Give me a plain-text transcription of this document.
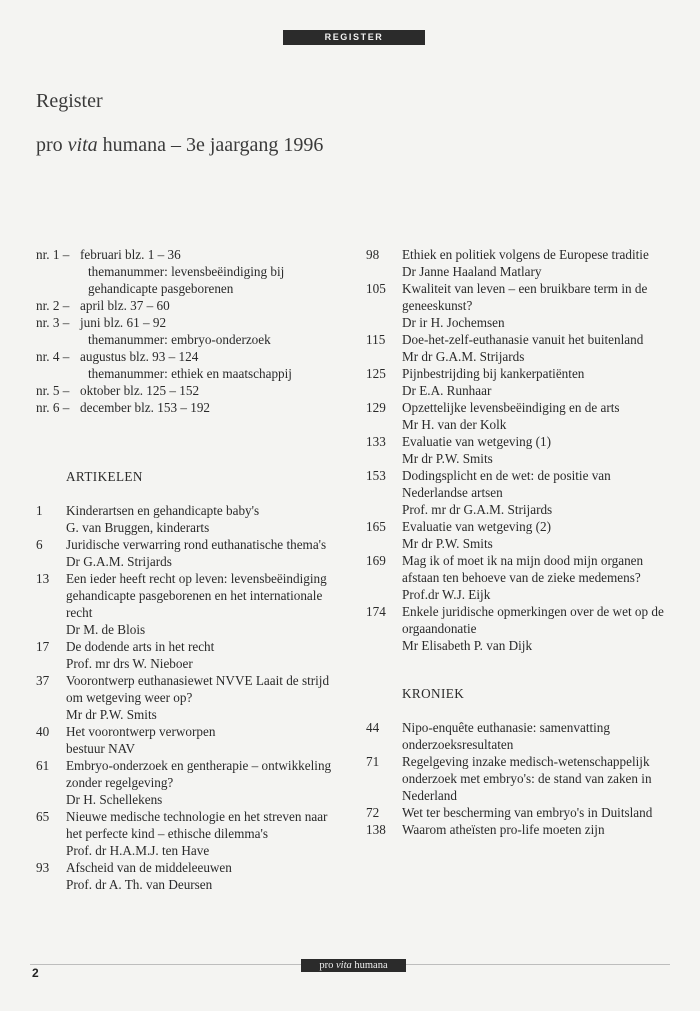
REGISTER
Register
pro vita humana – 3e jaargang 1996
nr. 1 – februari blz. 1 – 36
themanummer: levensbeëindiging bij gehandicapte pasgeborenen
nr. 2 – april blz. 37 – 60
nr. 3 – juni blz. 61 – 92
themanummer: embryo-onderzoek
nr. 4 – augustus blz. 93 – 124
themanummer: ethiek en maatschappij
nr. 5 – oktober blz. 125 – 152
nr. 6 – december blz. 153 – 192
ARTIKELEN
1	Kinderartsen en gehandicapte baby's
G. van Bruggen, kinderarts
6	Juridische verwarring rond euthanatische thema's
Dr G.A.M. Strijards
13	Een ieder heeft recht op leven: levensbeëindiging gehandicapte pasgeborenen en het internationale recht
Dr M. de Blois
17	De dodende arts in het recht
Prof. mr drs W. Nieboer
37	Voorontwerp euthanasiewet NVVE Laait de strijd om wetgeving weer op?
Mr dr P.W. Smits
40	Het voorontwerp verworpen
bestuur NAV
61	Embryo-onderzoek en gentherapie – ontwikkeling zonder regelgeving?
Dr H. Schellekens
65	Nieuwe medische technologie en het streven naar het perfecte kind – ethische dilemma's
Prof. dr H.A.M.J. ten Have
93	Afscheid van de middeleeuwen
Prof. dr A. Th. van Deursen
98	Ethiek en politiek volgens de Europese traditie
Dr Janne Haaland Matlary
105	Kwaliteit van leven – een bruikbare term in de geneeskunst?
Dr ir H. Jochemsen
115	Doe-het-zelf-euthanasie vanuit het buitenland
Mr dr G.A.M. Strijards
125	Pijnbestrijding bij kankerpatiënten
Dr E.A. Runhaar
129	Opzettelijke levensbeëindiging en de arts
Mr H. van der Kolk
133	Evaluatie van wetgeving (1)
Mr dr P.W. Smits
153	Dodingsplicht en de wet: de positie van Nederlandse artsen
Prof. mr dr G.A.M. Strijards
165	Evaluatie van wetgeving (2)
Mr dr P.W. Smits
169	Mag ik of moet ik na mijn dood mijn organen afstaan ten behoeve van de zieke medemens?
Prof.dr W.J. Eijk
174	Enkele juridische opmerkingen over de wet op de orgaandonatie
Mr Elisabeth P. van Dijk
KRONIEK
44	Nipo-enquête euthanasie: samenvatting onderzoeksresultaten
71	Regelgeving inzake medisch-wetenschappelijk onderzoek met embryo's: de stand van zaken in Nederland
72	Wet ter bescherming van embryo's in Duitsland
138	Waarom atheïsten pro-life moeten zijn
pro vita humana
2
